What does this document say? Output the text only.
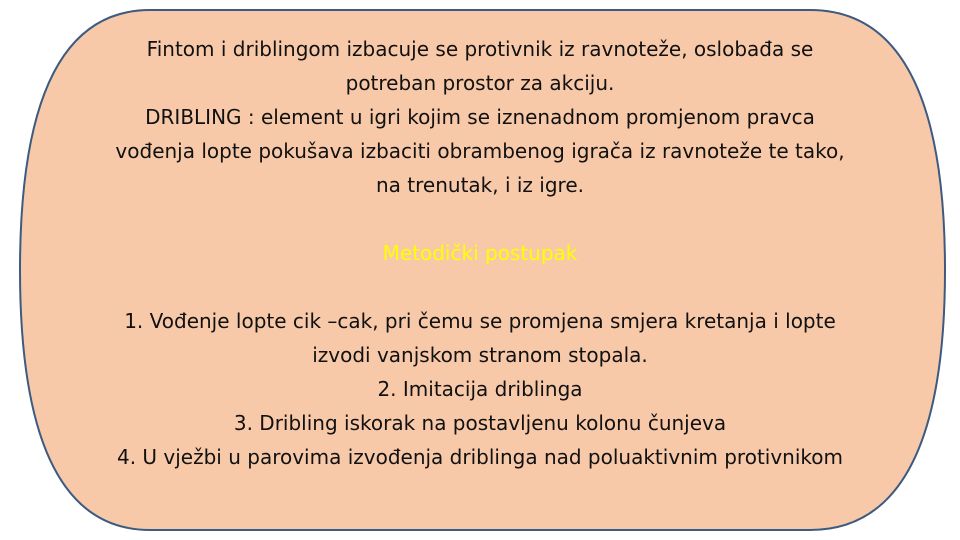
Fintom i driblingom izbacuje se protivnik iz ravnoteže, oslobađa se

potreban prostor za akciju.

DRIBLING : element u igri kojim se iznenadnom promjenom pravca

vođenja lopte pokušava izbaciti obrambenog igrača iz ravnoteže te tako,

na trenutak, i iz igre.

Metodički postupak

1. Vođenje lopte cik –cak, pri čemu se promjena smjera kretanja i lopte
izvodi vanjskom stranom stopala.
2. Imitacija driblinga
3. Dribling iskorak na postavljenu kolonu čunjeva
4. U vježbi u parovima izvođenja driblinga nad poluaktivnim protivnikom
